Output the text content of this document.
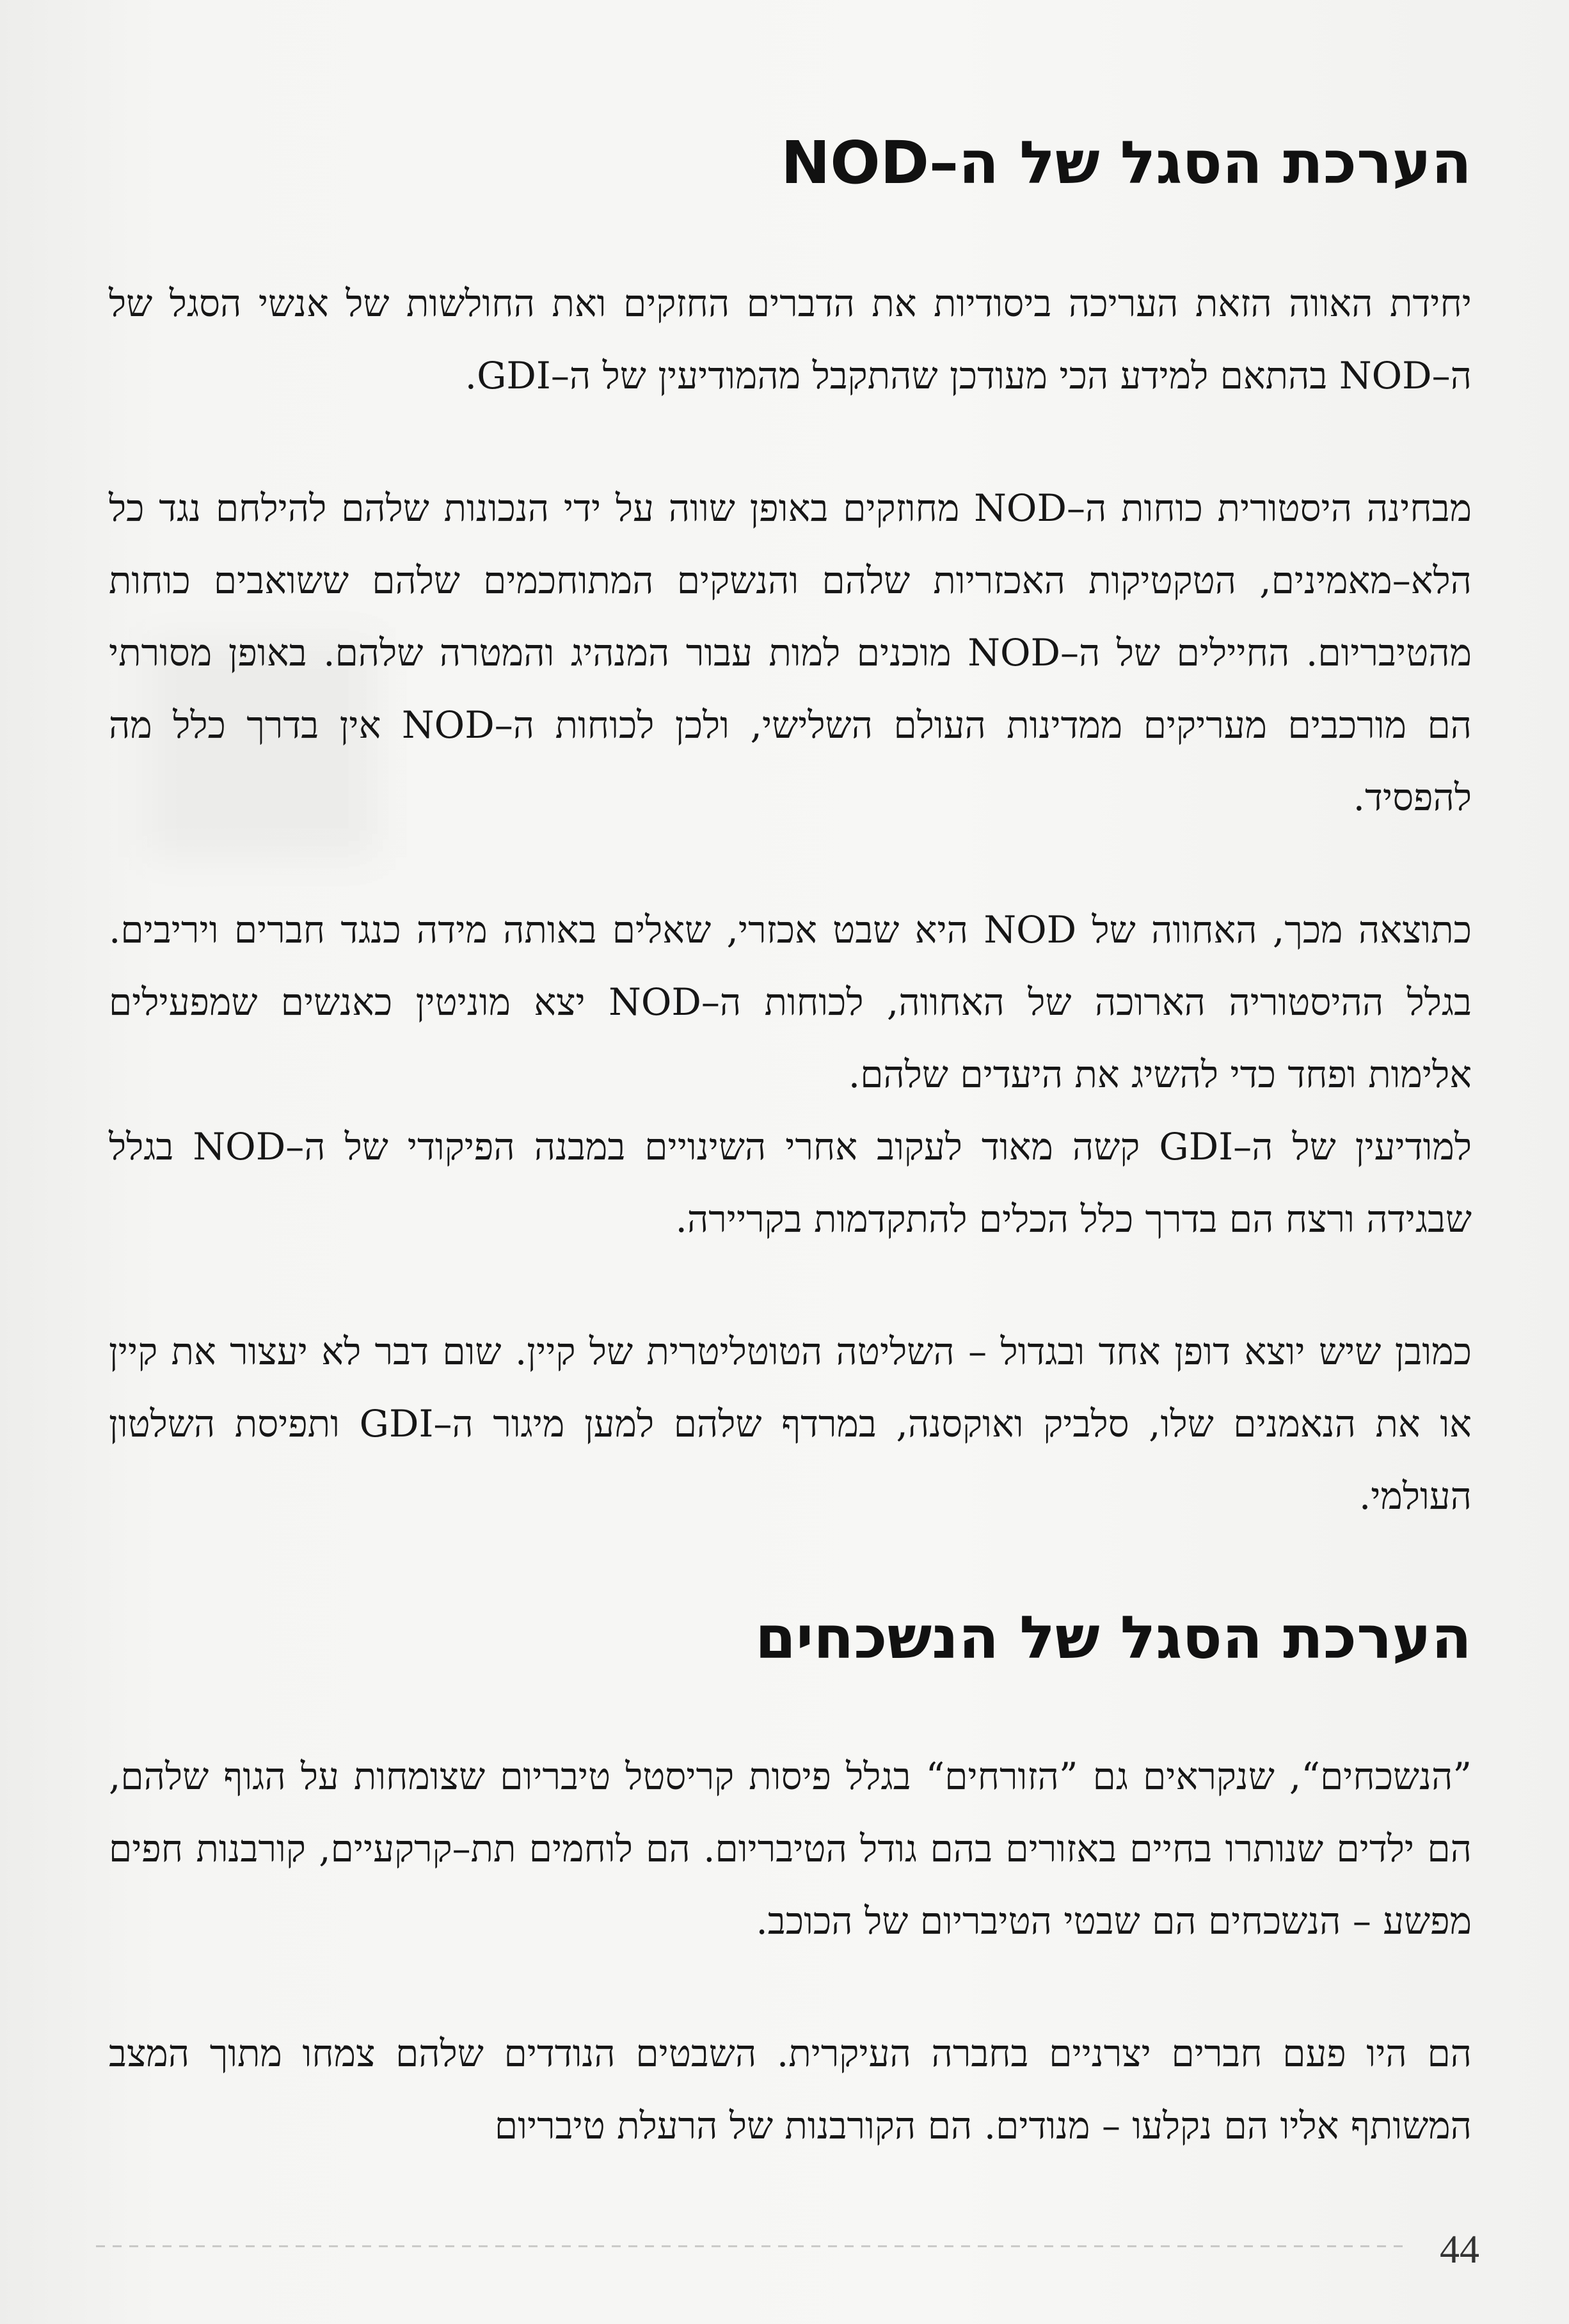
הערכת הסגל של ה–NOD

יחידת האווה הזאת העריכה ביסודיות את הדברים החזקים ואת החולשות של אנשי הסגל של ה–NOD בהתאם למידע הכי מעודכן שהתקבל מהמודיעין של ה–GDI.

מבחינה היסטורית כוחות ה–NOD מחוזקים באופן שווה על ידי הנכונות שלהם להילחם נגד כל הלא–מאמינים, הטקטיקות האכזריות שלהם והנשקים המתוחכמים שלהם ששואבים כוחות מהטיבריום. החיילים של ה–NOD מוכנים למות עבור המנהיג והמטרה שלהם. באופן מסורתי הם מורכבים מעריקים ממדינות העולם השלישי, ולכן לכוחות ה–NOD אין בדרך כלל מה להפסיד.

כתוצאה מכך, האחווה של NOD היא שבט אכזרי, שאלים באותה מידה כנגד חברים ויריבים. בגלל ההיסטוריה הארוכה של האחווה, לכוחות ה–NOD יצא מוניטין כאנשים שמפעילים אלימות ופחד כדי להשיג את היעדים שלהם.

למודיעין של ה–GDI קשה מאוד לעקוב אחרי השינויים במבנה הפיקודי של ה–NOD בגלל שבגידה ורצח הם בדרך כלל הכלים להתקדמות בקריירה.

כמובן שיש יוצא דופן אחד ובגדול – השליטה הטוטליטרית של קיין. שום דבר לא יעצור את קיין או את הנאמנים שלו, סלביק ואוקסנה, במרדף שלהם למען מיגור ה–GDI ותפיסת השלטון העולמי.

הערכת הסגל של הנשכחים

”הנשכחים“, שנקראים גם ”הזורחים“ בגלל פיסות קריסטל טיבריום שצומחות על הגוף שלהם, הם ילדים שנותרו בחיים באזורים בהם גודל הטיבריום. הם לוחמים תת–קרקעיים, קורבנות חפים מפשע – הנשכחים הם שבטי הטיבריום של הכוכב.

הם היו פעם חברים יצרניים בחברה העיקרית. השבטים הנודדים שלהם צמחו מתוך המצב המשותף אליו הם נקלעו – מנודים. הם הקורבנות של הרעלת טיבריום

44
